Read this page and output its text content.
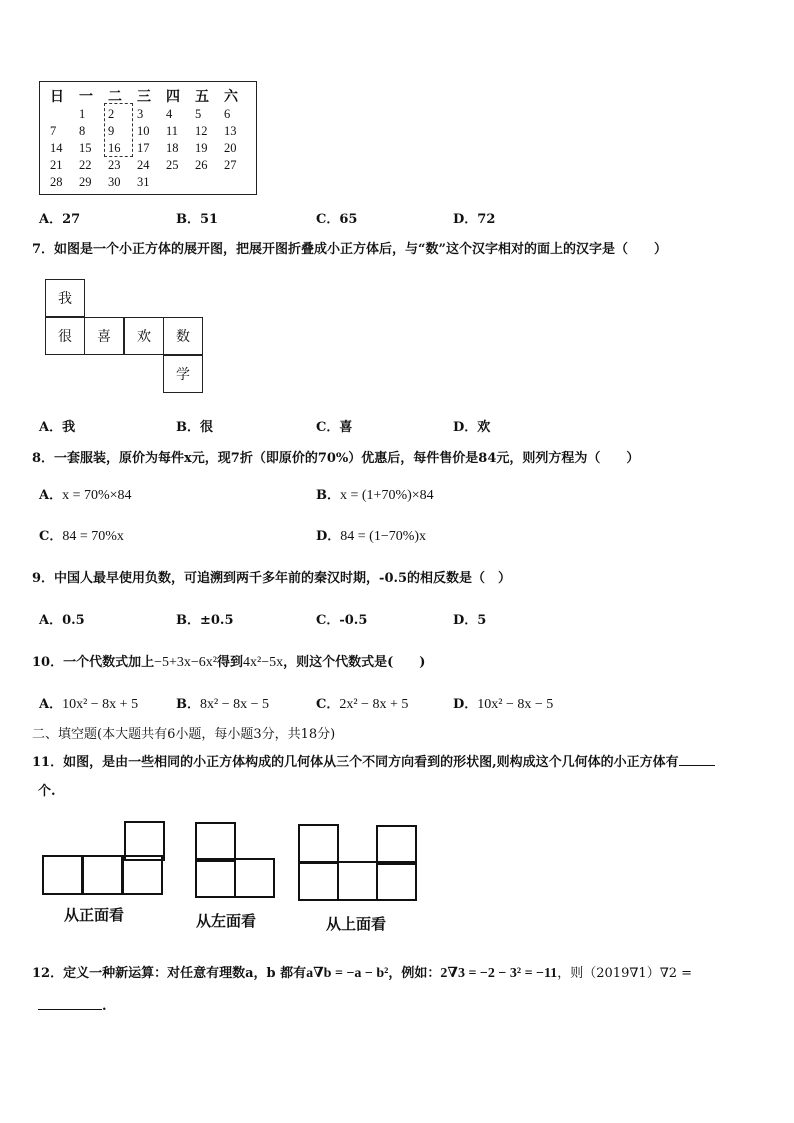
日	一	二	三	四	五	六
	1	2	3	4	5	6
7	8	9	10	11	12	13
14	15	16	17	18	19	20
21	22	23	24	25	26	27
28	29	30	31			
A．27	B．51	C．65	D．72
7．如图是一个小正方体的展开图，把展开图折叠成小正方体后，与“数”这个汉字相对的面上的汉字是（　　）
我
很	喜	欢	数
学
A．我	B．很	C．喜	D．欢
8．一套服装，原价为每件x元，现7折（即原价的70%）优惠后，每件售价是84元，则列方程为（　　）
A．x = 70%×84	B．x = (1+70%)×84
C．84 = 70%x	D．84 = (1−70%)x
9．中国人最早使用负数，可追溯到两千多年前的秦汉时期，-0.5的相反数是（　）
A．0.5	B．±0.5	C．-0.5	D．5
10．一个代数式加上−5+3x−6x²得到4x²−5x，则这个代数式是(　　)
A．10x² − 8x + 5	B．8x² − 8x − 5	C．2x² − 8x + 5	D．10x² − 8x − 5
二、填空题(本大题共有6小题，每小题3分，共18分)
11．如图，是由一些相同的小正方体构成的几何体从三个不同方向看到的形状图,则构成这个几何体的小正方体有
个.
从正面看	从左面看	从上面看
12．定义一种新运算：对任意有理数a，b 都有a∇b = −a − b²，例如：2∇3 = −2 − 3² = −11，则（2019∇1）∇2 =
.
